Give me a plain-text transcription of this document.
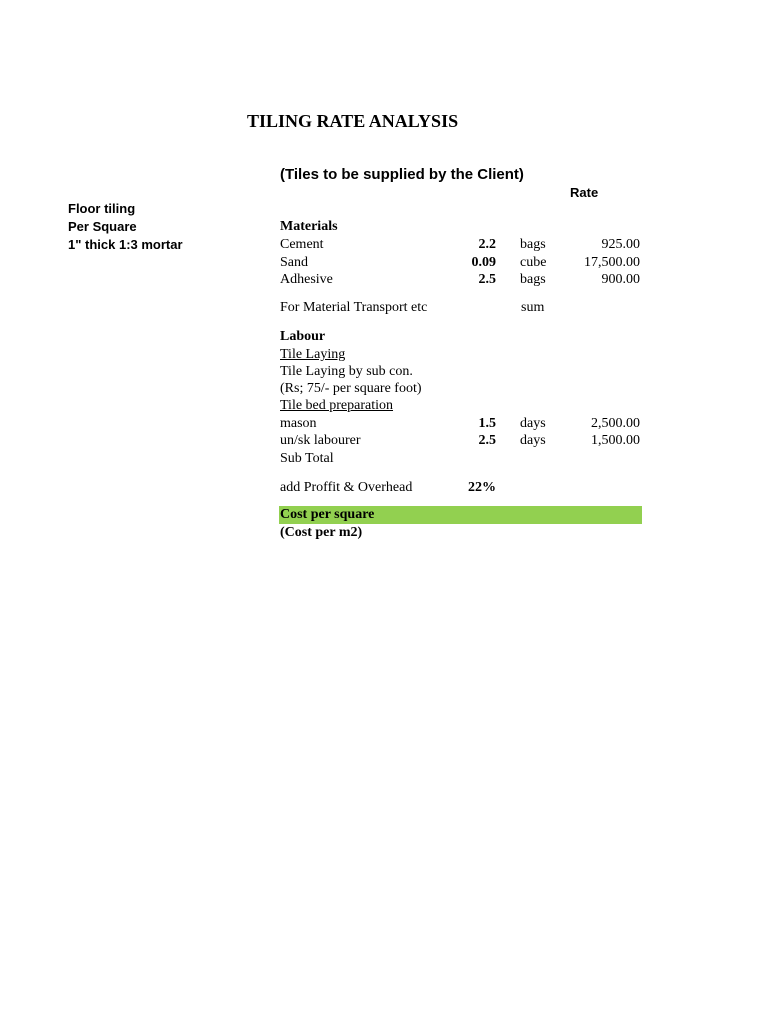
TILING RATE ANALYSIS
(Tiles to be supplied by the Client)
Rate
Floor tiling
Per Square
1" thick 1:3 mortar
Materials
Cement	2.2 bags	925.00
Sand	0.09 cube	17,500.00
Adhesive	2.5 bags	900.00
For Material Transport etc	sum
Labour
Tile Laying
Tile Laying by sub con.
(Rs; 75/- per square foot)
Tile bed preparation
mason	1.5 days	2,500.00
un/sk labourer	2.5 days	1,500.00
Sub Total
add Proffit & Overhead	22%
Cost per square
(Cost per m2)
